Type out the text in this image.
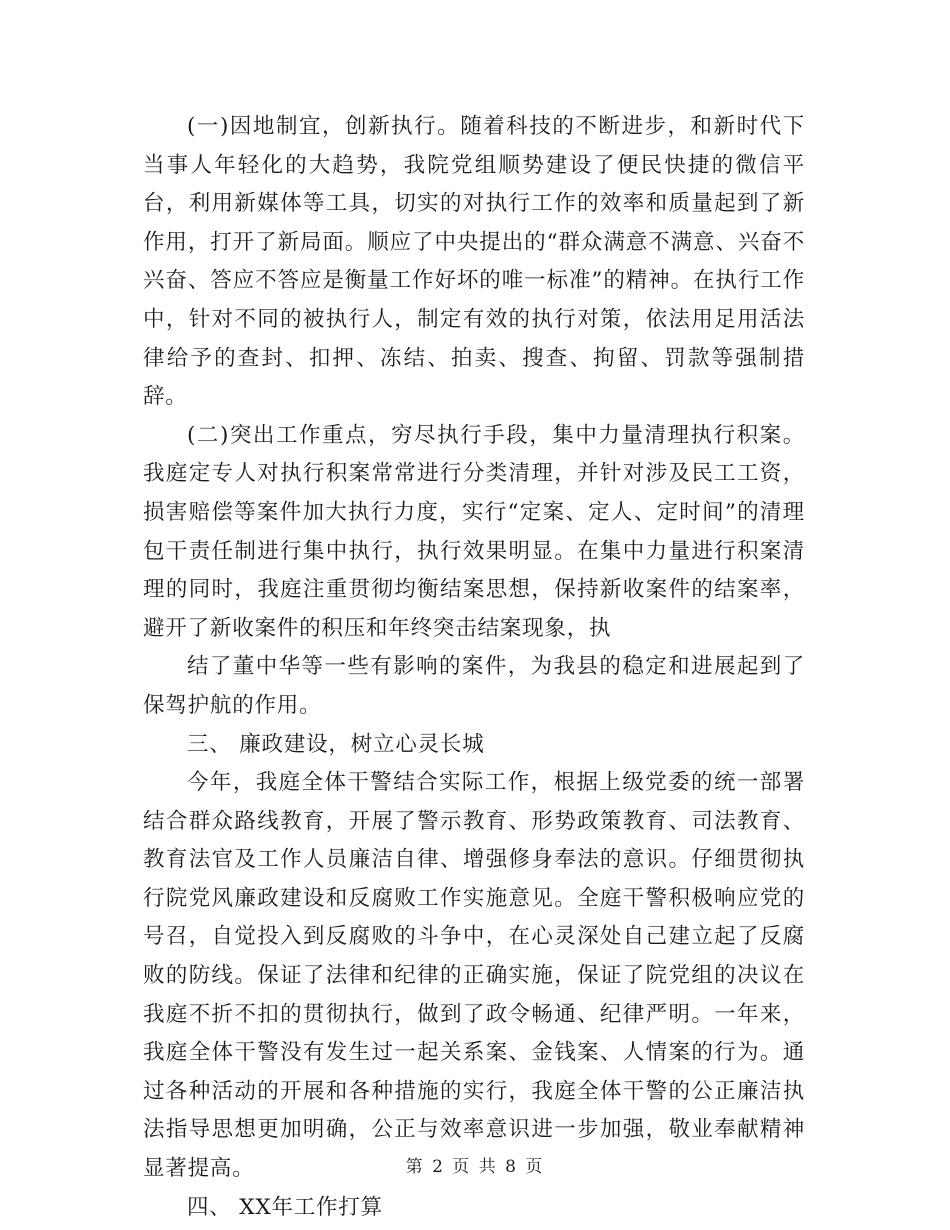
(一)因地制宜，创新执行。随着科技的不断进步，和新时代下当事人年轻化的大趋势，我院党组顺势建设了便民快捷的微信平台，利用新媒体等工具，切实的对执行工作的效率和质量起到了新作用，打开了新局面。顺应了中央提出的“群众满意不满意、兴奋不兴奋、答应不答应是衡量工作好坏的唯一标准”的精神。在执行工作中，针对不同的被执行人，制定有效的执行对策，依法用足用活法律给予的查封、扣押、冻结、拍卖、搜查、拘留、罚款等强制措辞。

(二)突出工作重点，穷尽执行手段，集中力量清理执行积案。我庭定专人对执行积案常常进行分类清理，并针对涉及民工工资，损害赔偿等案件加大执行力度，实行“定案、定人、定时间”的清理包干责任制进行集中执行，执行效果明显。在集中力量进行积案清理的同时，我庭注重贯彻均衡结案思想，保持新收案件的结案率，避开了新收案件的积压和年终突击结案现象，执

结了董中华等一些有影响的案件，为我县的稳定和进展起到了保驾护航的作用。

三、 廉政建设，树立心灵长城

今年，我庭全体干警结合实际工作，根据上级党委的统一部署结合群众路线教育，开展了警示教育、形势政策教育、司法教育、教育法官及工作人员廉洁自律、增强修身奉法的意识。仔细贯彻执行院党风廉政建设和反腐败工作实施意见。全庭干警积极响应党的号召，自觉投入到反腐败的斗争中，在心灵深处自己建立起了反腐败的防线。保证了法律和纪律的正确实施，保证了院党组的决议在我庭不折不扣的贯彻执行，做到了政令畅通、纪律严明。一年来，我庭全体干警没有发生过一起关系案、金钱案、人情案的行为。通过各种活动的开展和各种措施的实行，我庭全体干警的公正廉洁执法指导思想更加明确，公正与效率意识进一步加强，敬业奉献精神显著提高。

四、 XX年工作打算

第 2 页 共 8 页
